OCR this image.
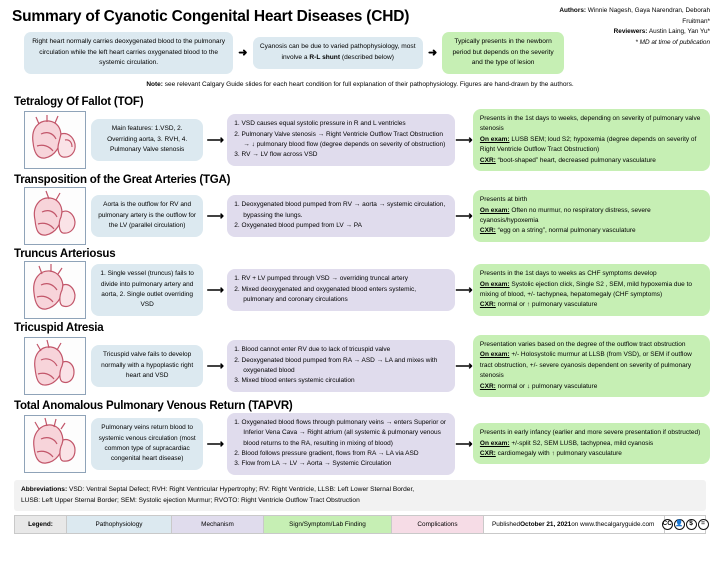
Summary of Cyanotic Congenital Heart Diseases (CHD)	Authors: Winnie Nagesh, Gaya Narendran, Deborah Fruitman*
Reviewers: Austin Laing, Yan Yu*
* MD at time of publication
Right heart normally carries deoxygenated blood to the pulmonary circulation while the left heart carries oxygenated blood to the systemic circulation.
➜	Cyanosis can be due to varied pathophysiology, most involve a R-L shunt (described below)	➜
Typically presents in the newborn period but depends on the severity and the type of lesion
Note: see relevant Calgary Guide slides for each heart condition for full explanation of their pathophysiology. Figures are hand-drawn by the authors.
Tetralogy Of Fallot (TOF)
Main features: 1.VSD, 2. Overriding aorta, 3. RVH, 4. Pulmonary Valve stenosis
⟶
1. VSD causes equal systolic pressure in R and L ventricles
2. Pulmonary Valve stenosis → Right Ventricle Outflow Tract Obstruction → ↓ pulmonary blood flow (degree depends on severity of obstruction)
3. RV → LV flow across VSD
⟶
Presents in the 1st days to weeks, depending on severity of pulmonary valve stenosis
On exam: LUSB SEM; loud S2; hypoxemia (degree depends on severity of Right Ventricle Outflow Tract Obstruction)
CXR: “boot-shaped” heart, decreased pulmonary vasculature
Transposition of the Great Arteries (TGA)
Aorta is the outflow for RV and pulmonary artery is the outflow for the LV (parallel circulation)
⟶
1. Deoxygenated blood pumped from RV → aorta → systemic circulation, bypassing the lungs.
2. Oxygenated blood pumped from LV → PA
⟶
Presents at birth
On exam: Often no murmur, no respiratory distress, severe cyanosis/hypoxemia
CXR: “egg on a string”, normal pulmonary vasculature
Truncus Arteriosus
1. Single vessel (truncus) fails to divide into pulmonary artery and aorta, 2. Single outlet overriding VSD
⟶
1. RV + LV pumped through VSD → overriding truncal artery
2. Mixed deoxygenated and oxygenated blood enters systemic, pulmonary and coronary circulations
⟶
Presents in the 1st days to weeks as CHF symptoms develop
On exam: Systolic ejection click, Single S2 , SEM, mild hypoxemia due to mixing of blood, +/- tachypnea, hepatomegaly (CHF symptoms)
CXR: normal or ↑ pulmonary vasculature
Tricuspid Atresia
Tricuspid valve fails to develop normally with a hypoplastic right heart and VSD
⟶
1. Blood cannot enter RV due to lack of tricuspid valve
2. Deoxygenated blood pumped from RA → ASD → LA and mixes with oxygenated blood
3. Mixed blood enters systemic circulation
⟶
Presentation varies based on the degree of the outflow tract obstruction
On exam: +/- Holosystolic murmur at LLSB (from VSD), or SEM if outflow tract obstruction, +/- severe cyanosis dependent on severity of pulmonary stenosis
CXR: normal or ↓ pulmonary vasculature
Total Anomalous Pulmonary Venous Return (TAPVR)
Pulmonary veins return blood to systemic venous circulation (most common type of supracardiac congenital heart disease)
⟶
1. Oxygenated blood flows through pulmonary veins → enters Superior or Inferior Vena Cava → Right atrium (all systemic & pulmonary venous blood returns to the RA, resulting in mixing of blood)
2. Blood follows pressure gradient, flows from RA → LA via ASD
3. Flow from LA → LV → Aorta → Systemic Circulation
⟶
Presents in early infancy (earlier and more severe presentation if obstructed)
On exam: +/-split S2, SEM LUSB, tachypnea, mild cyanosis
CXR: cardiomegaly with ↑ pulmonary vasculature
Abbreviations: VSD: Ventral Septal Defect; RVH: Right Ventricular Hypertrophy; RV: Right Ventricle, LLSB: Left Lower Sternal Border,
LUSB: Left Upper Sternal Border; SEM: Systolic ejection Murmur; RVOTO: Right Ventricle Outflow Tract Obstruction
Legend:	Pathophysiology	Mechanism	Sign/Symptom/Lab Finding	Complications	Published October 21, 2021 on www.thecalgaryguide.com CC 👤 $	=
